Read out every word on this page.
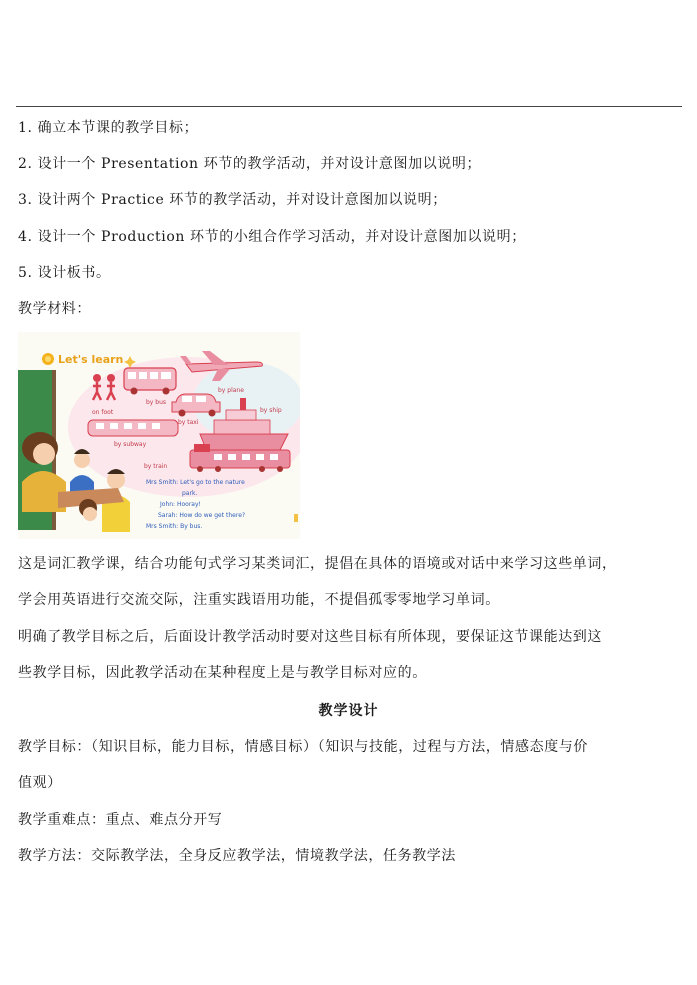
1. 确立本节课的教学目标；
2. 设计一个 Presentation 环节的教学活动，并对设计意图加以说明；
3. 设计两个 Practice 环节的教学活动，并对设计意图加以说明；
4. 设计一个 Production 环节的小组合作学习活动，并对设计意图加以说明；
5. 设计板书。
教学材料：
Let's learn
on foot
by bus
by plane
by taxi
by ship
by subway
by train
Mrs Smith: Let's go to the nature
park.
John: Hooray!
Sarah: How do we get there?
Mrs Smith: By bus.
这是词汇教学课，结合功能句式学习某类词汇，提倡在具体的语境或对话中来学习这些单词，
学会用英语进行交流交际，注重实践语用功能，不提倡孤零零地学习单词。
明确了教学目标之后，后面设计教学活动时要对这些目标有所体现，要保证这节课能达到这
些教学目标，因此教学活动在某种程度上是与教学目标对应的。
教学设计
教学目标：（知识目标，能力目标，情感目标）（知识与技能，过程与方法，情感态度与价
值观）
教学重难点：重点、难点分开写
教学方法：交际教学法，全身反应教学法，情境教学法，任务教学法
